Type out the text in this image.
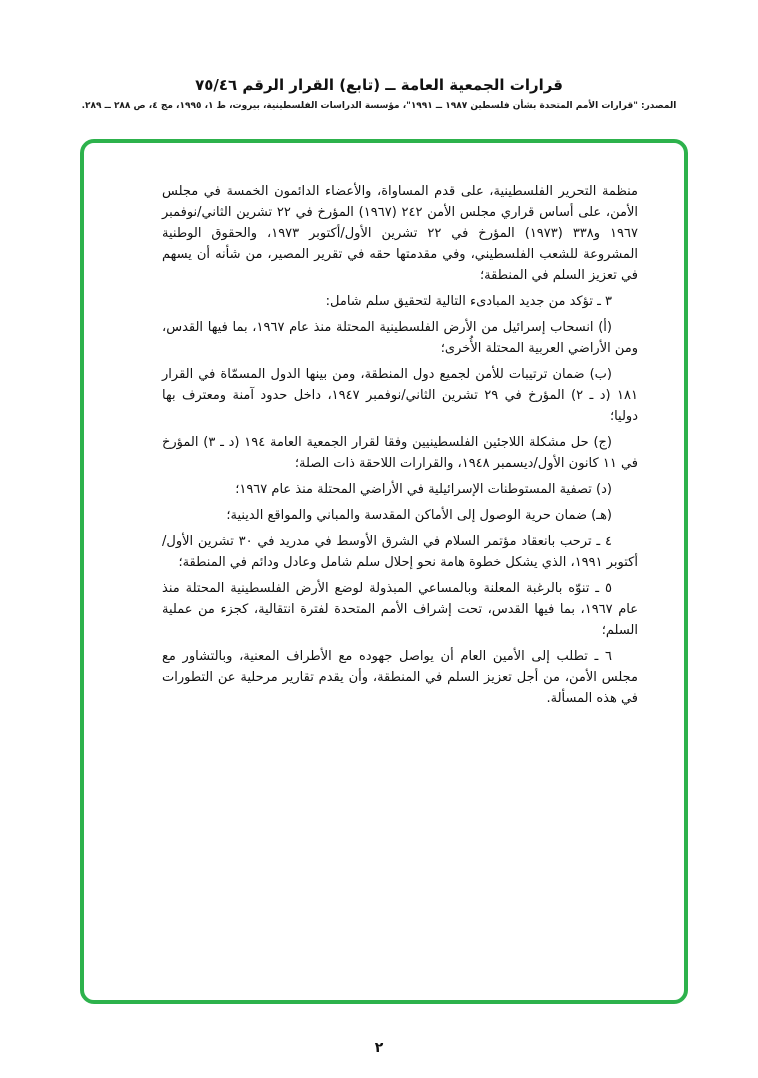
قرارات الجمعية العامة ــ (تابع) القرار الرقم ٧٥/٤٦
المصدر: "قرارات الأمم المتحدة بشأن فلسطين ١٩٨٧ ــ ١٩٩١"، مؤسسة الدراسات الفلسطينية، بيروت، ط ١، ١٩٩٥، مج ٤، ص ٢٨٨ ــ ٢٨٩.

منظمة التحرير الفلسطينية، على قدم المساواة، والأعضاء الدائمون الخمسة في مجلس الأمن، على أساس قراري مجلس الأمن ٢٤٢ (١٩٦٧) المؤرخ في ٢٢ تشرين الثاني/نوفمبر ١٩٦٧ و٣٣٨ (١٩٧٣) المؤرخ في ٢٢ تشرين الأول/أكتوبر ١٩٧٣، والحقوق الوطنية المشروعة للشعب الفلسطيني، وفي مقدمتها حقه في تقرير المصير، من شأنه أن يسهم في تعزيز السلم في المنطقة؛

٣ ـ تؤكد من جديد المبادىء التالية لتحقيق سلم شامل:

(أ) انسحاب إسرائيل من الأرض الفلسطينية المحتلة منذ عام ١٩٦٧، بما فيها القدس، ومن الأراضي العربية المحتلة الأُخرى؛

(ب) ضمان ترتيبات للأمن لجميع دول المنطقة، ومن بينها الدول المسمّاة في القرار ١٨١ (د ـ ٢) المؤرخ في ٢٩ تشرين الثاني/نوفمبر ١٩٤٧، داخل حدود آمنة ومعترف بها دوليا؛

(ج) حل مشكلة اللاجئين الفلسطينيين وفقا لقرار الجمعية العامة ١٩٤ (د ـ ٣) المؤرخ في ١١ كانون الأول/ديسمبر ١٩٤٨، والقرارات اللاحقة ذات الصلة؛

(د) تصفية المستوطنات الإسرائيلية في الأراضي المحتلة منذ عام ١٩٦٧؛

(هـ) ضمان حرية الوصول إلى الأماكن المقدسة والمباني والمواقع الدينية؛

٤ ـ ترحب بانعقاد مؤتمر السلام في الشرق الأوسط في مدريد في ٣٠ تشرين الأول/أكتوبر ١٩٩١، الذي يشكل خطوة هامة نحو إحلال سلم شامل وعادل ودائم في المنطقة؛

٥ ـ تنوّه بالرغبة المعلنة وبالمساعي المبذولة لوضع الأرض الفلسطينية المحتلة منذ عام ١٩٦٧، بما فيها القدس، تحت إشراف الأمم المتحدة لفترة انتقالية، كجزء من عملية السلم؛

٦ ـ تطلب إلى الأمين العام أن يواصل جهوده مع الأطراف المعنية، وبالتشاور مع مجلس الأمن، من أجل تعزيز السلم في المنطقة، وأن يقدم تقارير مرحلية عن التطورات في هذه المسألة.

٢
